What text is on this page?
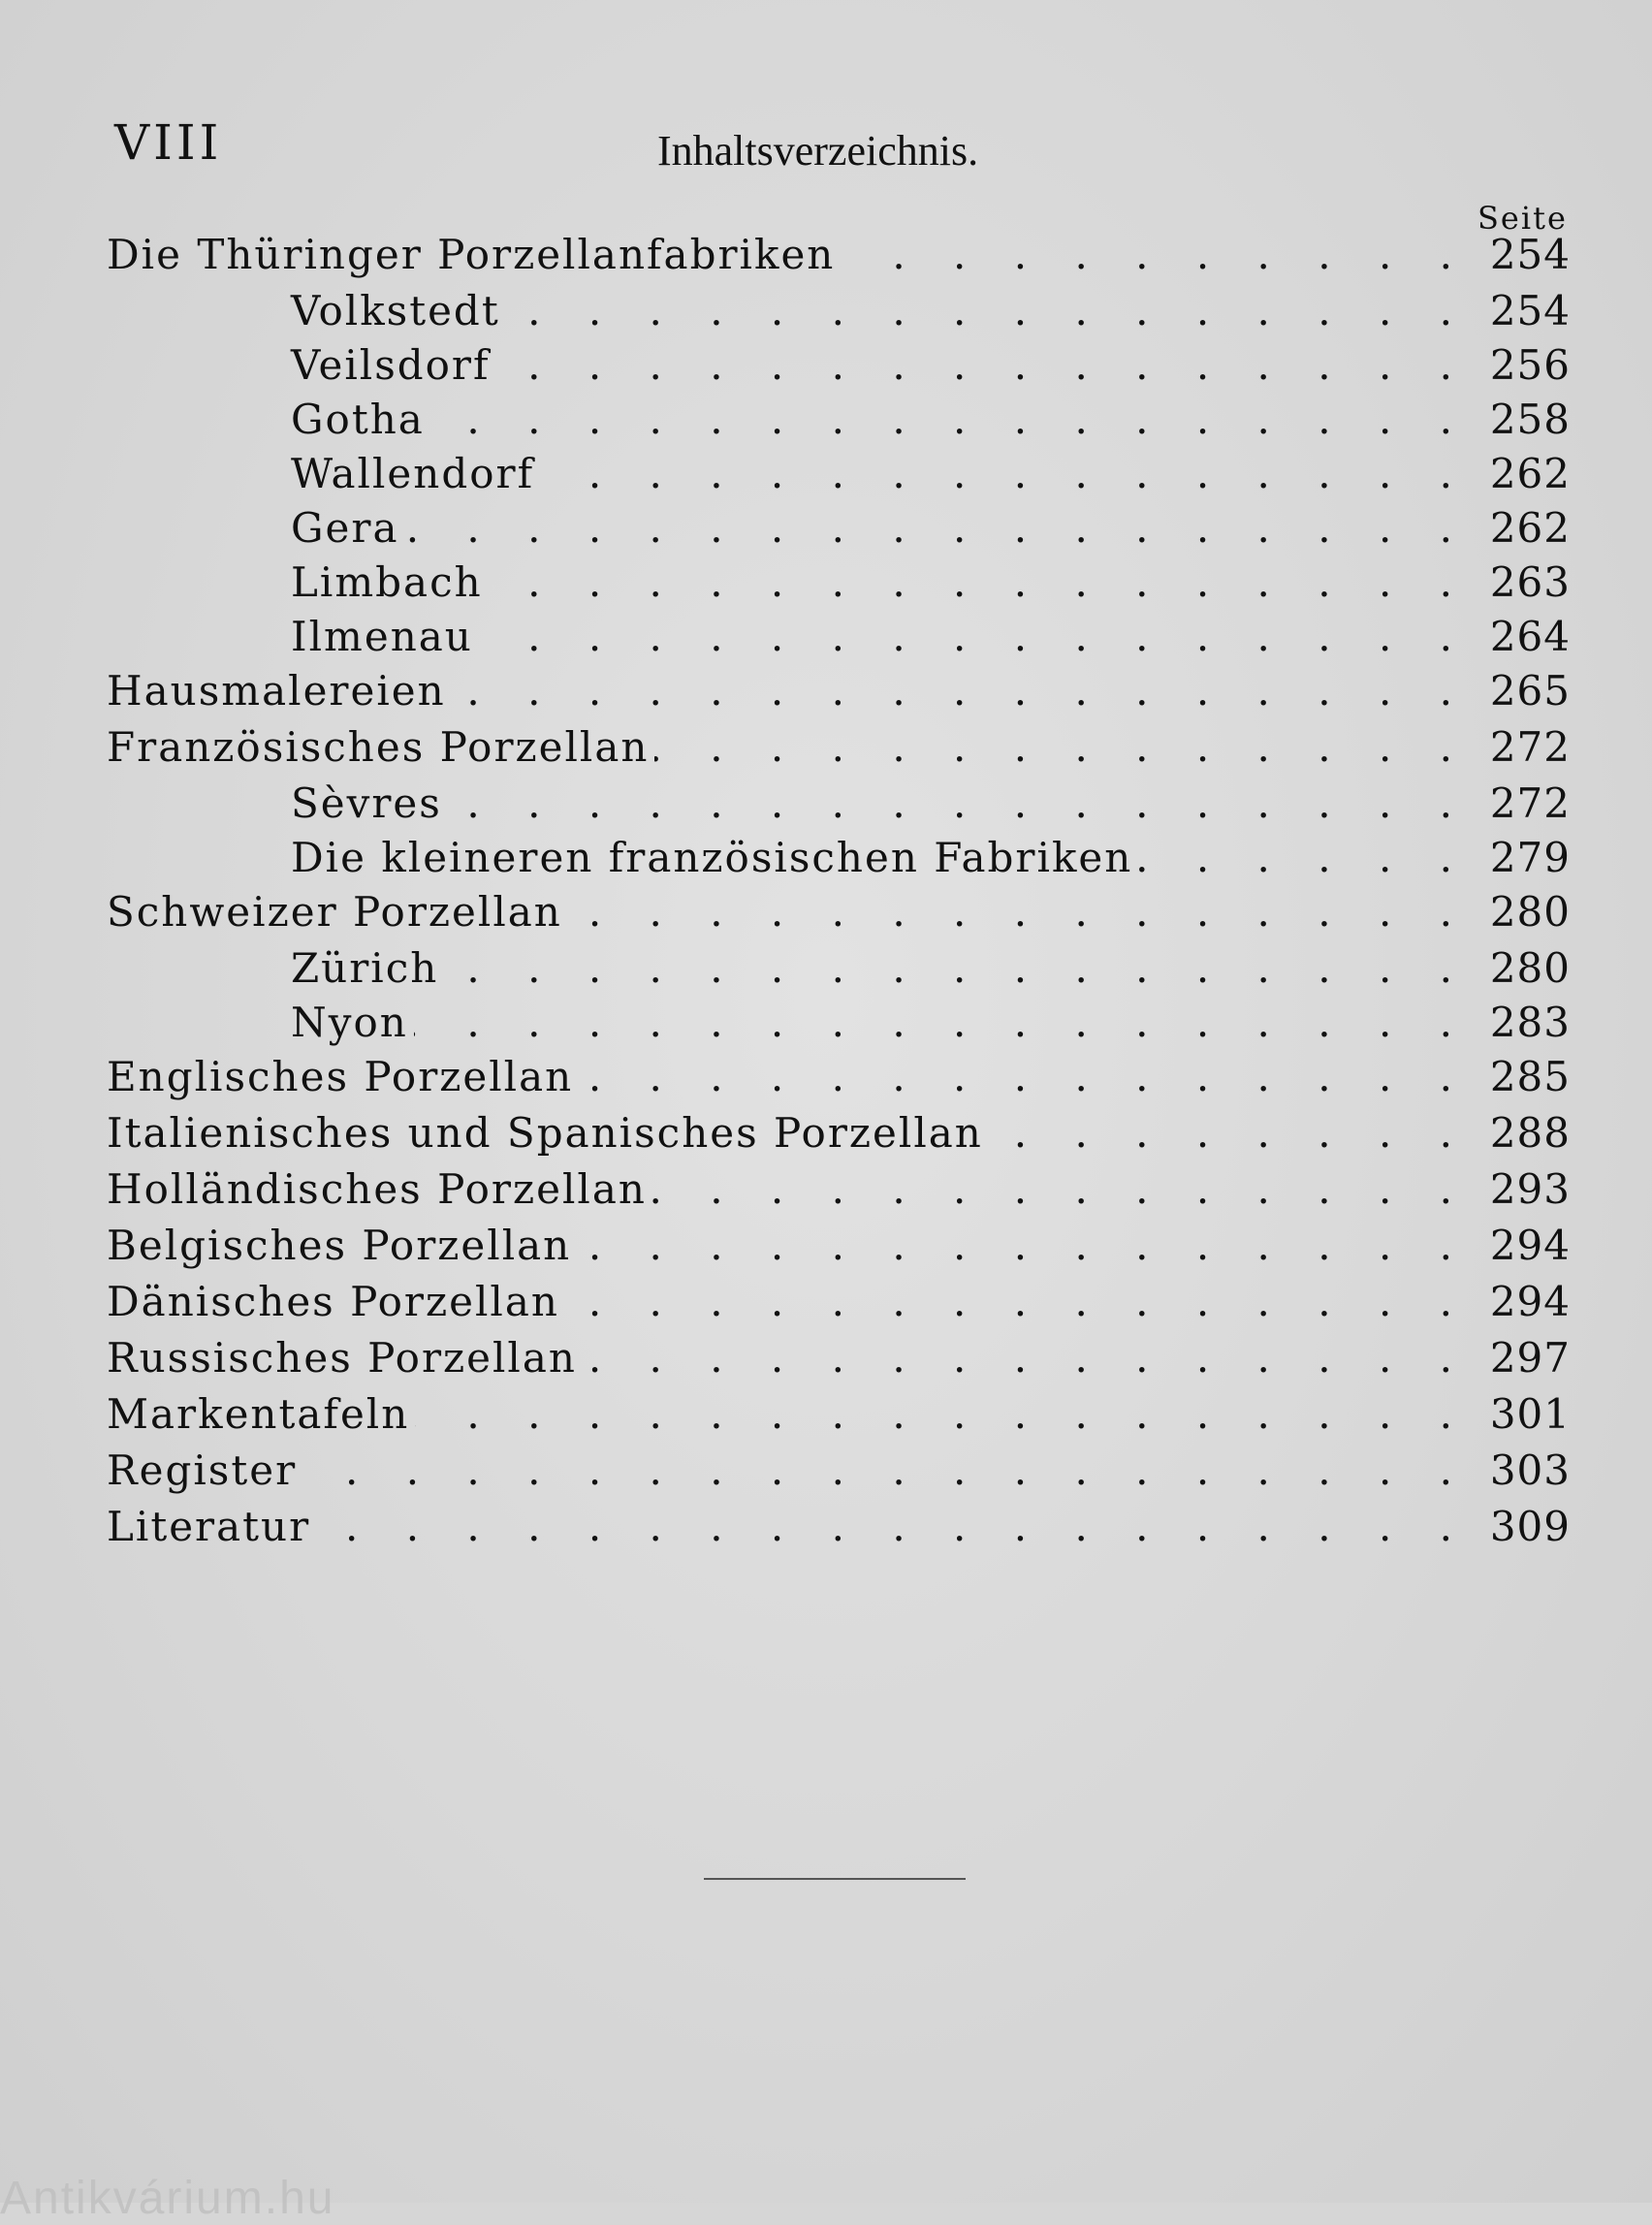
VIII	Inhaltsverzeichnis.
Seite
Die Thüringer Porzellanfabriken . . .	254
Volkstedt . . .	254
Veilsdorf . . .	256
Gotha . . .	258
Wallendorf . . .	262
Gera . . .	262
Limbach . . .	263
Ilmenau . . .	264
Hausmalereien . . .	265
Französisches Porzellan . . .	272
Sèvres . . .	272
Die kleineren französischen Fabriken . . .	279
Schweizer Porzellan . . .	280
Zürich . . .	280
Nyon . . .	283
Englisches Porzellan . . .	285
Italienisches und Spanisches Porzellan . . .	288
Holländisches Porzellan . . .	293
Belgisches Porzellan . . .	294
Dänisches Porzellan . . .	294
Russisches Porzellan . . .	297
Markentafeln . . .	301
Register . . .	303
Literatur . . .	309
Antikvárium.hu
